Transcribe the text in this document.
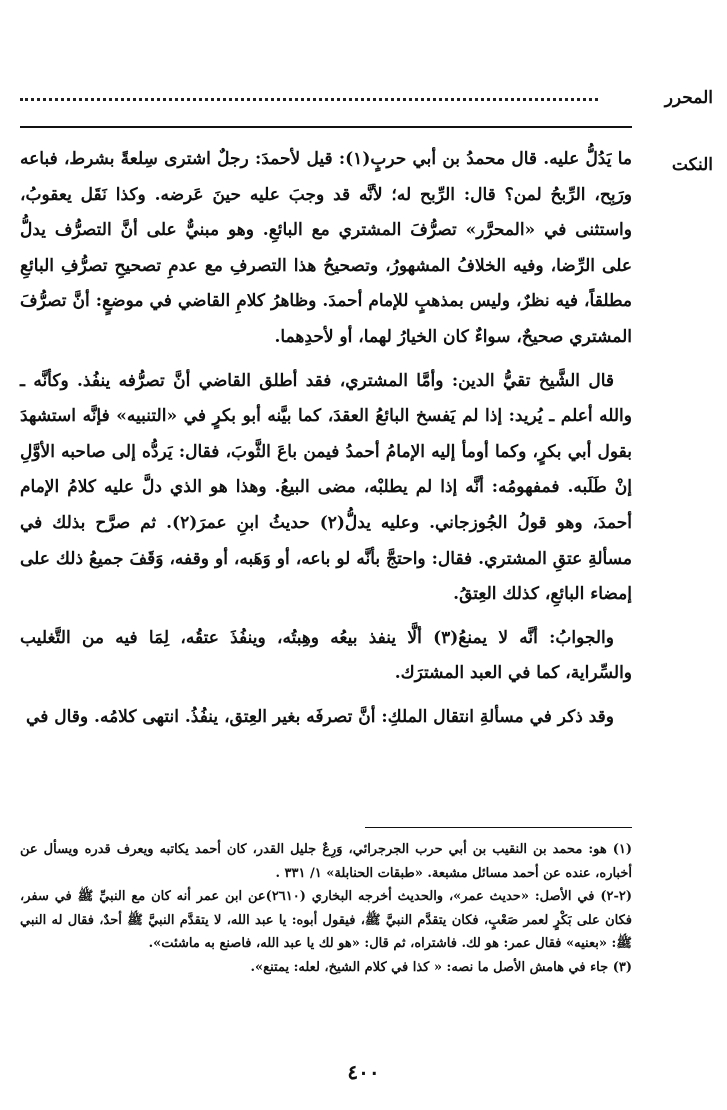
المحرر
النكت

ما يَدُلُّ عليه. قال محمدُ بن أبي حربٍ(١): قيل لأحمدَ: رجلٌ اشترى سِلعةً بشرط، فباعه ورَبِح، الرِّبحُ لمن؟ قال: الرِّبح له؛ لأنَّه قد وجبَ عليه حينَ عَرضه. وكذا نَقَل يعقوبُ، واستثنى في «المحرَّر» تصرُّفَ المشتري مع البائعِ. وهو مبنيٌّ على أنَّ التصرُّف يدلُّ على الرِّضا، وفيه الخلافُ المشهورُ، وتصحيحُ هذا التصرفِ مع عدمِ تصحيحِ تصرُّفِ البائعِ مطلقاً، فيه نظرٌ، وليس بمذهبٍ للإمام أحمدَ. وظاهرُ كلامِ القاضي في موضعٍ: أنَّ تصرُّفَ المشتري صحيحٌ، سواءٌ كان الخيارُ لهما، أو لأحدِهما.

قال الشَّيخ تقيُّ الدين: وأمَّا المشتري، فقد أطلق القاضي أنَّ تصرُّفه ينفُذ. وكأنَّه ـ والله أعلم ـ يُريد: إذا لم يَفسخ البائعُ العقدَ، كما بيَّنه أبو بكرٍ في «التنبيه» فإنَّه استشهدَ بقول أبي بكرٍ، وكما أومأ إليه الإمامُ أحمدُ فيمن باعَ الثَّوبَ، فقال: يَردُّه إلى صاحبه الأوَّلِ إنْ طَلَبه. فمفهومُه: أنَّه إذا لم يطلبْه، مضى البيعُ. وهذا هو الذي دلَّ عليه كلامُ الإمام أحمدَ، وهو قولُ الجُوزجاني. وعليه يدلُّ(٢) حديثُ ابنِ عمرَ(٢). ثم صرَّح بذلك في مسألةِ عتقِ المشتري. فقال: واحتجَّ بأنَّه لو باعه، أو وَهَبه، أو وقفه، وَقَفَ جميعُ ذلك على إمضاء البائعِ، كذلك العِتقُ.

والجوابُ: أنَّه لا يمنعُ(٣) ألَّا ينفذ بيعُه وهِبتُه، وينفُذَ عتقُه، لِمَا فيه من التَّغليب والسِّراية، كما في العبد المشترَك.

وقد ذكر في مسألةِ انتقال الملكِ: أنَّ تصرفَه بغير العِتق، ينفُذُ. انتهى كلامُه. وقال في

(١) هو: محمد بن النقيب بن أبي حرب الجرجرائي، وَرِعٌ جليل القدر، كان أحمد يكاتبه ويعرف قدره ويسأل عن أخباره، عنده عن أحمد مسائل مشبعة. «طبقات الحنابلة» ١/ ٣٣١ .

(٢-٢) في الأصل: «حديث عمر»، والحديث أخرجه البخاري (٢٦١٠)عن ابن عمر أنه كان مع النبيِّ ﷺ في سفر، فكان على بَكْرٍ لعمر صَعْبٍ، فكان يتقدَّم النبيَّ ﷺ، فيقول أبوه: يا عبد الله، لا يتقدَّم النبيَّ ﷺ أحدٌ، فقال له النبي ﷺ: «بعنيه» فقال عمر: هو لك. فاشتراه، ثم قال: «هو لك يا عبد الله، فاصنع به ماشئت».

(٣) جاء في هامش الأصل ما نصه: « كذا في كلام الشيخ، لعله: يمتنع».

٤٠٠
